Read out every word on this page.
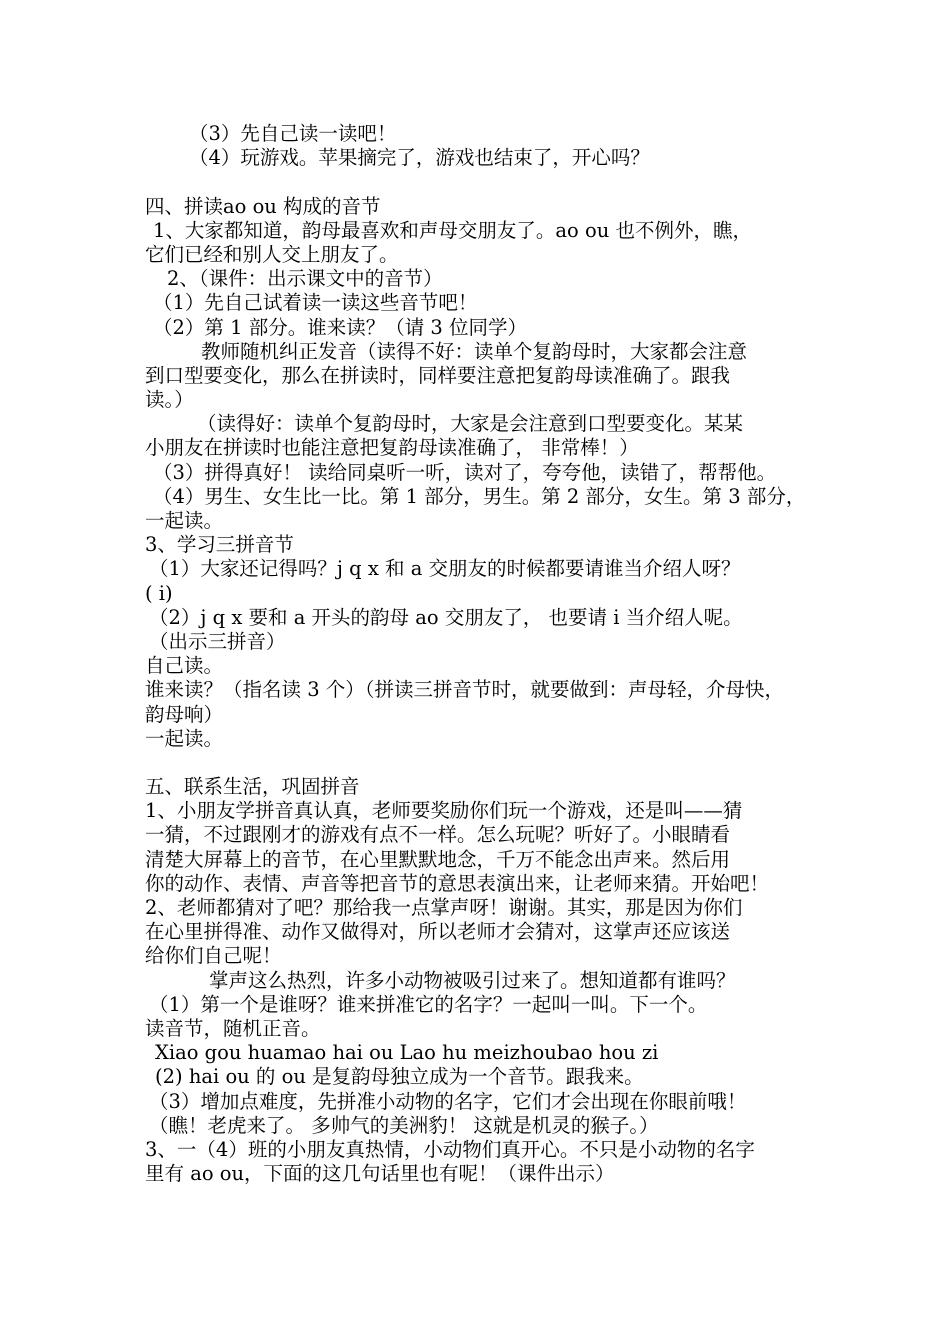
（3）先自己读一读吧！
（4）玩游戏。苹果摘完了，游戏也结束了，开心吗？
四、拼读ao ou 构成的音节
1、大家都知道，韵母最喜欢和声母交朋友了。ao ou 也不例外，瞧，
它们已经和别人交上朋友了。
2、（课件：出示课文中的音节）
（1）先自己试着读一读这些音节吧！
（2）第 1 部分。谁来读？（请 3 位同学）
教师随机纠正发音（读得不好：读单个复韵母时，大家都会注意
到口型要变化，那么在拼读时，同样要注意把复韵母读准确了。跟我
读。）
（读得好：读单个复韵母时，大家是会注意到口型要变化。某某
小朋友在拼读时也能注意把复韵母读准确了， 非常棒！）
（3）拼得真好！ 读给同桌听一听，读对了，夸夸他，读错了，帮帮他。
（4）男生、女生比一比。第 1 部分，男生。第 2 部分，女生。第 3 部分，
一起读。
3、学习三拼音节
（1）大家还记得吗？j q x 和 a 交朋友的时候都要请谁当介绍人呀？
( i)
（2）j q x 要和 a 开头的韵母 ao 交朋友了， 也要请 i 当介绍人呢。
（出示三拼音）
自己读。
谁来读？（指名读 3 个）（拼读三拼音节时，就要做到：声母轻，介母快，
韵母响）
一起读。
五、联系生活，巩固拼音
1、小朋友学拼音真认真，老师要奖励你们玩一个游戏，还是叫——猜
一猜，不过跟刚才的游戏有点不一样。怎么玩呢？听好了。小眼睛看
清楚大屏幕上的音节，在心里默默地念，千万不能念出声来。然后用
你的动作、表情、声音等把音节的意思表演出来，让老师来猜。开始吧！
2、老师都猜对了吧？那给我一点掌声呀！谢谢。其实，那是因为你们
在心里拼得准、动作又做得对，所以老师才会猜对，这掌声还应该送
给你们自己呢！
掌声这么热烈，许多小动物被吸引过来了。想知道都有谁吗？
（1）第一个是谁呀？谁来拼准它的名字？一起叫一叫。下一个。
读音节，随机正音。
Xiao gou huamao hai ou Lao hu meizhoubao hou zi
(2) hai ou 的 ou 是复韵母独立成为一个音节。跟我来。
（3）增加点难度，先拼准小动物的名字，它们才会出现在你眼前哦！
（瞧！老虎来了。 多帅气的美洲豹！ 这就是机灵的猴子。）
3、一（4）班的小朋友真热情，小动物们真开心。不只是小动物的名字
里有 ao ou，下面的这几句话里也有呢！（课件出示）
